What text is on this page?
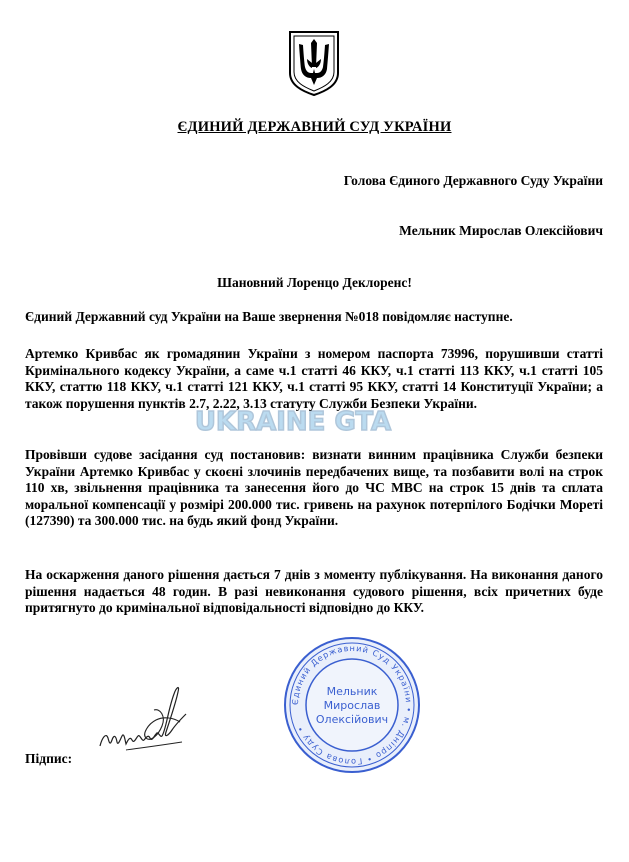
ЄДИНИЙ ДЕРЖАВНИЙ СУД УКРАЇНИ
Голова Єдиного Державного Суду України
Мельник Мирослав Олексійович
Шановний Лоренцо Деклоренс!
UKRAINE GTA

Єдиний Державний суд України на Ваше звернення №018 повідомляє наступне.

Артемко Кривбас як громадянин України з номером паспорта 73996, порушивши статті Кримінального кодексу України, а саме ч.1 статті 46 ККУ, ч.1 статті 113 ККУ, ч.1 статті 105 ККУ, статтю 118 ККУ, ч.1 статті 121 ККУ, ч.1 статті 95 ККУ, статті 14 Конституції України; а також порушення пунктів 2.7, 2.22, 3.13 статуту Служби Безпеки України.

Провівши судове засідання суд постановив: визнати винним працівника Служби безпеки України Артемко Кривбас у скоєні злочинів передбачених вище, та позбавити волі на строк 110 хв, звільнення працівника та занесення його до ЧС МВС на строк 15 днів та сплата моральної компенсації у розмірі 200.000 тис. гривень на рахунок потерпілого Бодічки Мореті (127390) та 300.000 тис. на будь який фонд України.

На оскарження даного рішення дається 7 днів з моменту публікування. На виконання даного рішення надається 48 годин. В разі невиконання судового рішення, всіх причетних буде притягнуто до кримінальної відповідальності відповідно до ККУ.

Єдиний Державний Суд України • м. Дніпро • Голова Суду •
Мельник
Мирослав
Олексійович
Підпис:
